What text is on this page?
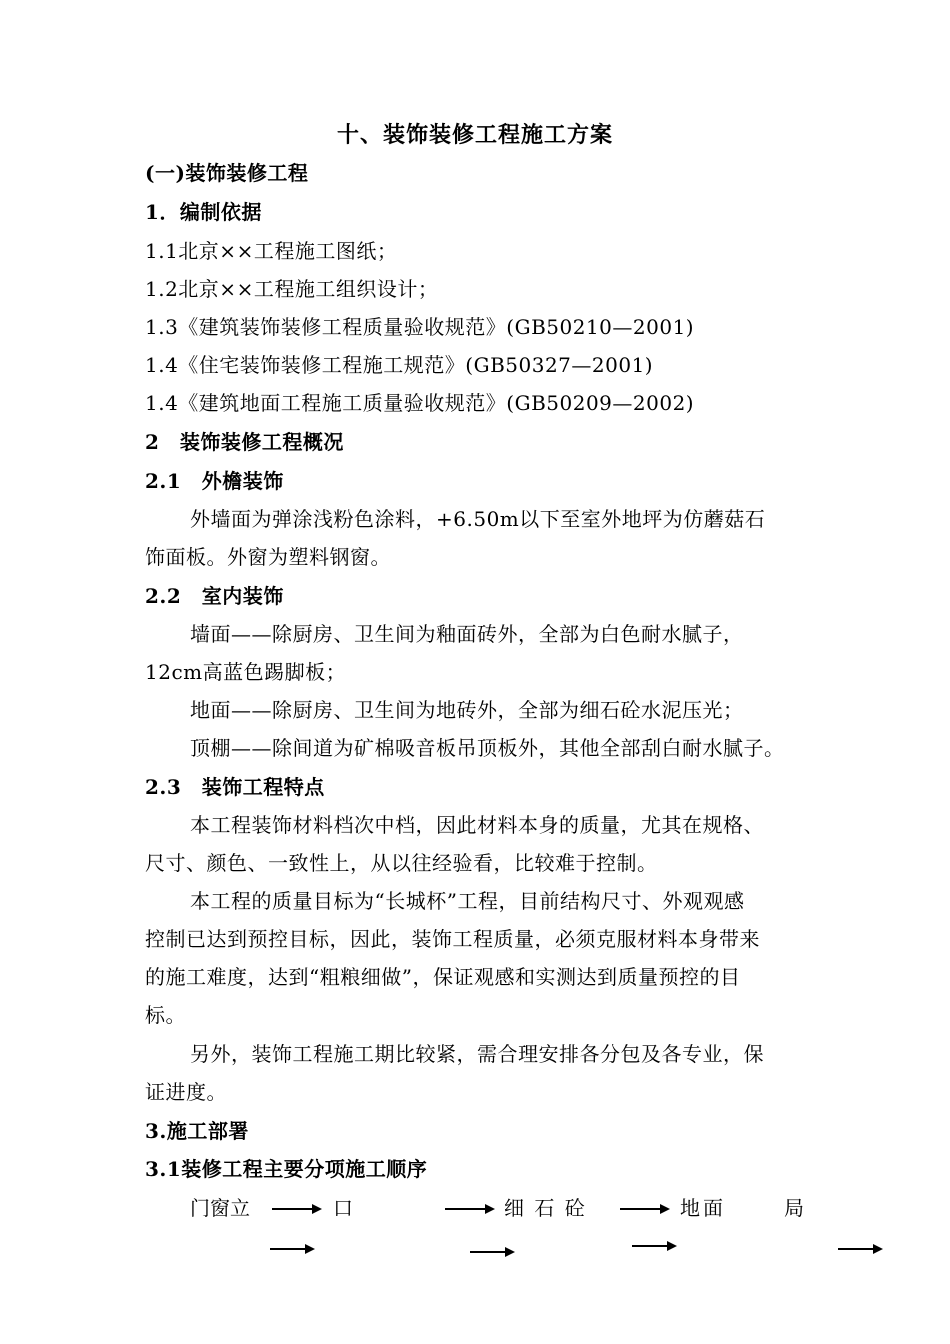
十、装饰装修工程施工方案
(一)装饰装修工程
1．编制依据
1.1北京××工程施工图纸；
1.2北京××工程施工组织设计；
1.3《建筑装饰装修工程质量验收规范》(GB50210—2001)
1.4《住宅装饰装修工程施工规范》(GB50327—2001)
1.4《建筑地面工程施工质量验收规范》(GB50209—2002)
2　装饰装修工程概况
2.1　外檐装饰
外墙面为弹涂浅粉色涂料，+6.50m以下至室外地坪为仿蘑菇石
饰面板。外窗为塑料钢窗。
2.2　室内装饰
墙面——除厨房、卫生间为釉面砖外，全部为白色耐水腻子，
12cm高蓝色踢脚板；
地面——除厨房、卫生间为地砖外，全部为细石砼水泥压光；
顶棚——除间道为矿棉吸音板吊顶板外，其他全部刮白耐水腻子。
2.3　装饰工程特点
本工程装饰材料档次中档，因此材料本身的质量，尤其在规格、
尺寸、颜色、一致性上，从以往经验看，比较难于控制。
本工程的质量目标为“长城杯”工程，目前结构尺寸、外观观感
控制已达到预控目标，因此，装饰工程质量，必须克服材料本身带来
的施工难度，达到“粗粮细做”，保证观感和实测达到质量预控的目
标。
另外，装饰工程施工期比较紧，需合理安排各分包及各专业，保
证进度。
3.施工部署
3.1装修工程主要分项施工顺序
门窗立	口	细 石 砼	地面	局
